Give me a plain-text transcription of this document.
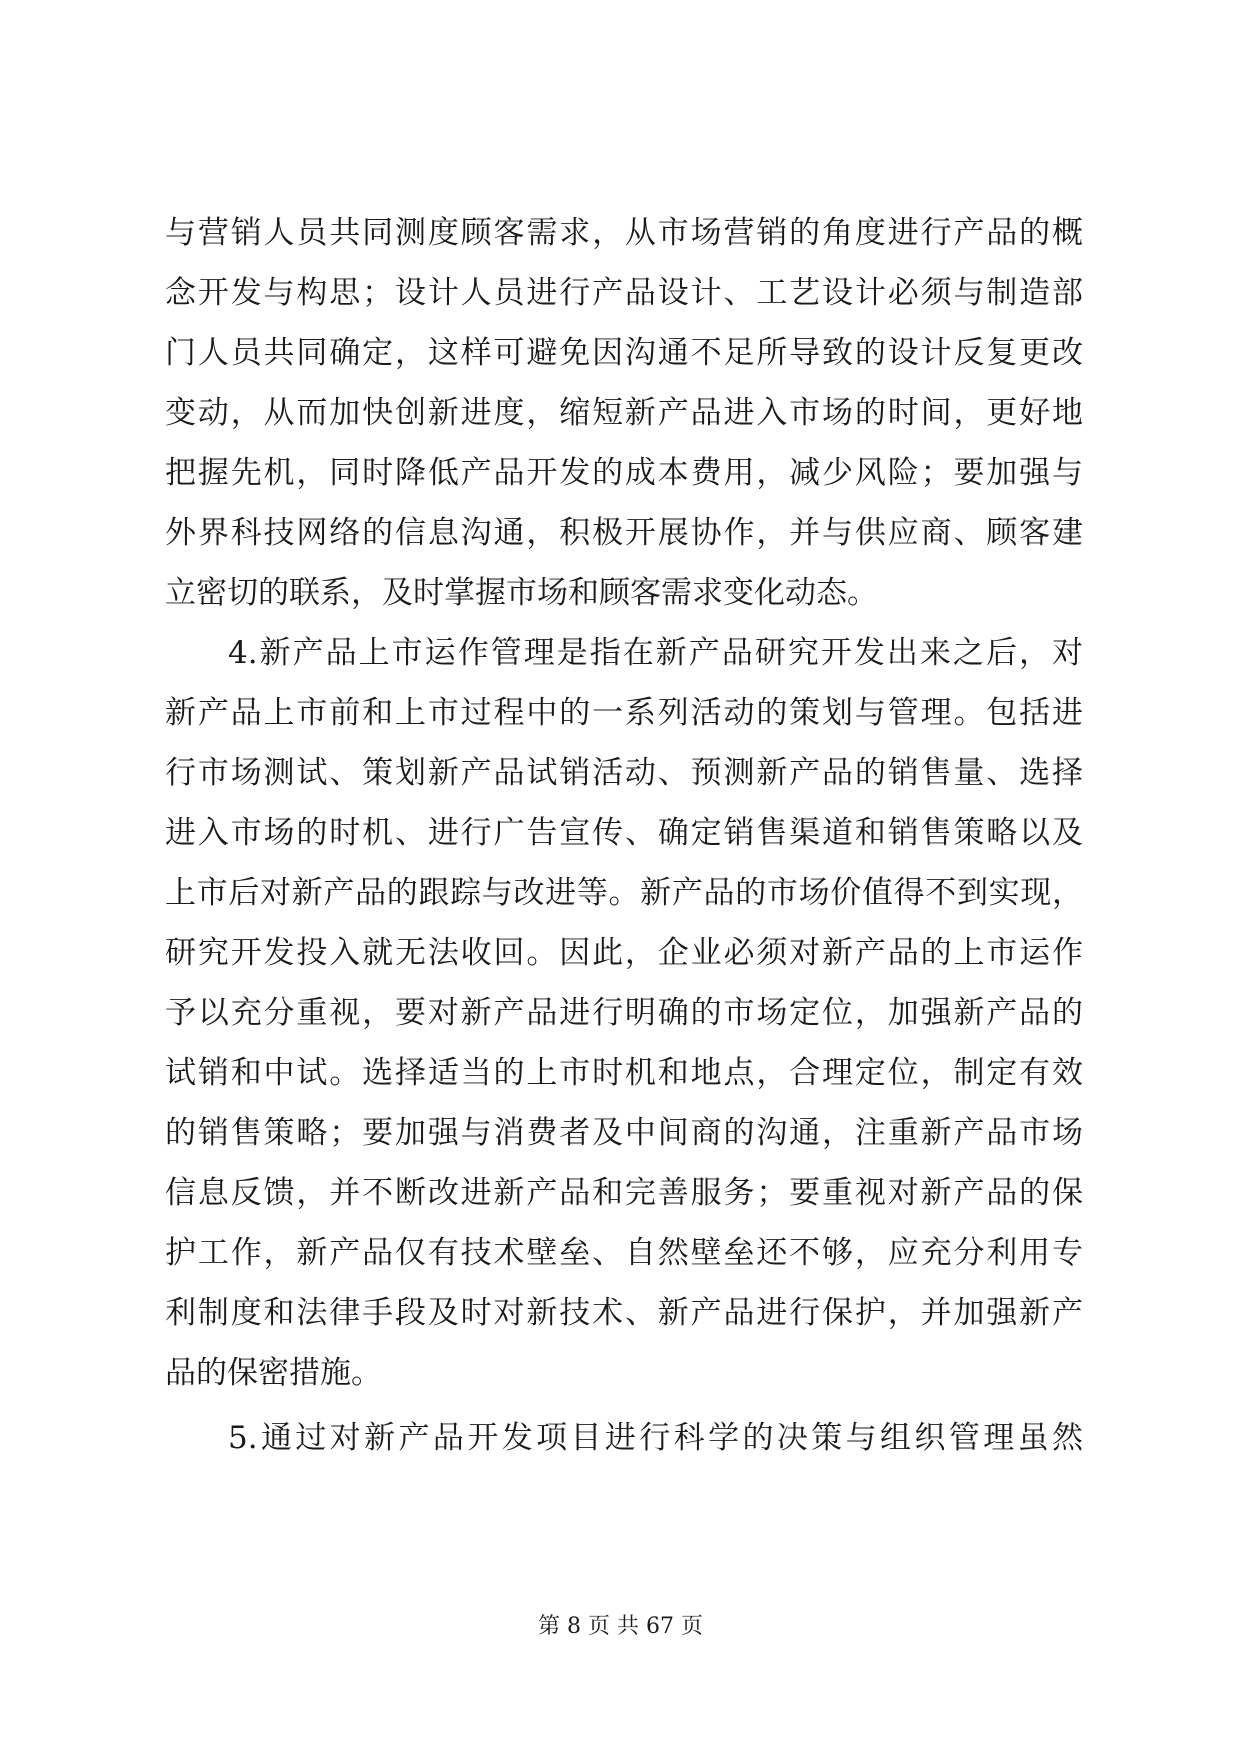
与营销人员共同测度顾客需求，从市场营销的角度进行产品的概
念开发与构思；设计人员进行产品设计、工艺设计必须与制造部
门人员共同确定，这样可避免因沟通不足所导致的设计反复更改
变动，从而加快创新进度，缩短新产品进入市场的时间，更好地
把握先机，同时降低产品开发的成本费用，减少风险；要加强与
外界科技网络的信息沟通，积极开展协作，并与供应商、顾客建
立密切的联系，及时掌握市场和顾客需求变化动态。
4.新产品上市运作管理是指在新产品研究开发出来之后，对
新产品上市前和上市过程中的一系列活动的策划与管理。包括进
行市场测试、策划新产品试销活动、预测新产品的销售量、选择
进入市场的时机、进行广告宣传、确定销售渠道和销售策略以及
上市后对新产品的跟踪与改进等。新产品的市场价值得不到实现，
研究开发投入就无法收回。因此，企业必须对新产品的上市运作
予以充分重视，要对新产品进行明确的市场定位，加强新产品的
试销和中试。选择适当的上市时机和地点，合理定位，制定有效
的销售策略；要加强与消费者及中间商的沟通，注重新产品市场
信息反馈，并不断改进新产品和完善服务；要重视对新产品的保
护工作，新产品仅有技术壁垒、自然壁垒还不够，应充分利用专
利制度和法律手段及时对新技术、新产品进行保护，并加强新产
品的保密措施。
5.通过对新产品开发项目进行科学的决策与组织管理虽然
第 8 页 共 67 页
